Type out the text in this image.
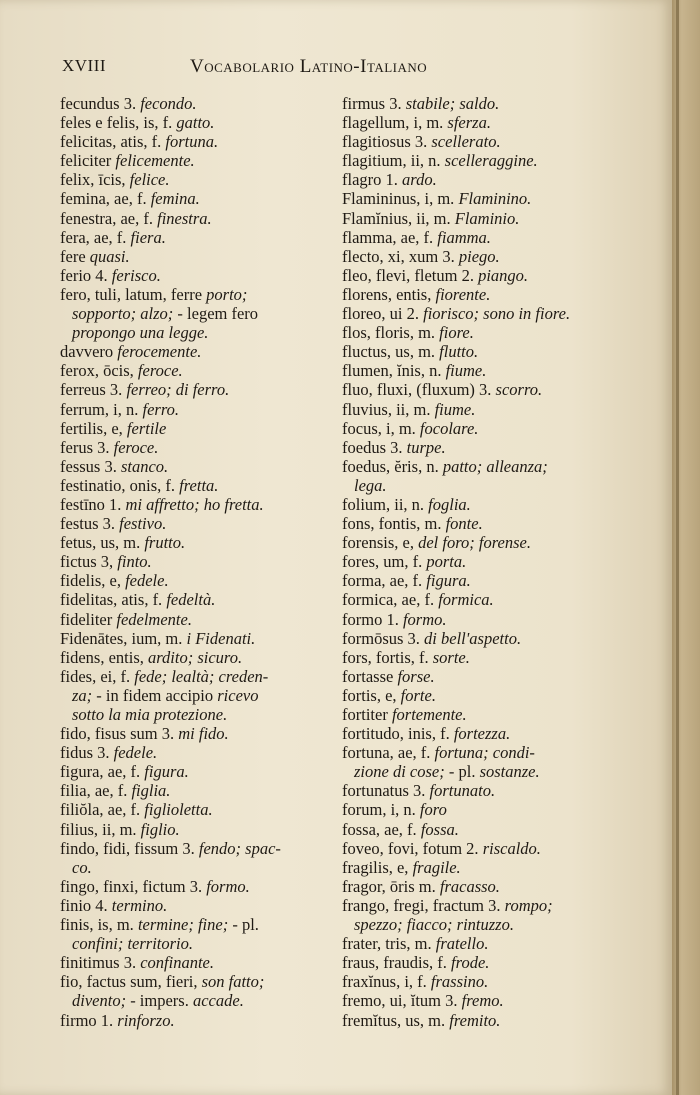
XVIII	Vocabolario Latino-Italiano
fecundus 3. fecondo.
feles e felis, is, f. gatto.
felicitas, atis, f. fortuna.
feliciter felicemente.
felix, īcis, felice.
femina, ae, f. femina.
fenestra, ae, f. finestra.
fera, ae, f. fiera.
fere quasi.
ferio 4. ferisco.
fero, tuli, latum, ferre porto;
sopporto; alzo; - legem fero
propongo una legge.
davvero ferocemente.
ferox, ōcis, feroce.
ferreus 3. ferreo; di ferro.
ferrum, i, n. ferro.
fertilis, e, fertile
ferus 3. feroce.
fessus 3. stanco.
festinatio, onis, f. fretta.
festīno 1. mi affretto; ho fretta.
festus 3. festivo.
fetus, us, m. frutto.
fictus 3, finto.
fidelis, e, fedele.
fidelitas, atis, f. fedeltà.
fideliter fedelmente.
Fidenātes, ium, m. i Fidenati.
fidens, entis, ardito; sicuro.
fides, ei, f. fede; lealtà; creden-
za; - in fidem accipio ricevo
sotto la mia protezione.
fido, fisus sum 3. mi fido.
fidus 3. fedele.
figura, ae, f. figura.
filia, ae, f. figlia.
filiŏla, ae, f. figlioletta.
filius, ii, m. figlio.
findo, fidi, fissum 3. fendo; spac-
co.
fingo, finxi, fictum 3. formo.
finio 4. termino.
finis, is, m. termine; fine; - pl.
confini; territorio.
finitimus 3. confinante.
fio, factus sum, fieri, son fatto;
divento; - impers. accade.
firmo 1. rinforzo.
firmus 3. stabile; saldo.
flagellum, i, m. sferza.
flagitiosus 3. scellerato.
flagitium, ii, n. scelleraggine.
flagro 1. ardo.
Flamininus, i, m. Flaminino.
Flamĭnius, ii, m. Flaminio.
flamma, ae, f. fiamma.
flecto, xi, xum 3. piego.
fleo, flevi, fletum 2. piango.
florens, entis, fiorente.
floreo, ui 2. fiorisco; sono in fiore.
flos, floris, m. fiore.
fluctus, us, m. flutto.
flumen, ĭnis, n. fiume.
fluo, fluxi, (fluxum) 3. scorro.
fluvius, ii, m. fiume.
focus, i, m. focolare.
foedus 3. turpe.
foedus, ĕris, n. patto; alleanza;
lega.
folium, ii, n. foglia.
fons, fontis, m. fonte.
forensis, e, del foro; forense.
fores, um, f. porta.
forma, ae, f. figura.
formica, ae, f. formica.
formo 1. formo.
formōsus 3. di bell'aspetto.
fors, fortis, f. sorte.
fortasse forse.
fortis, e, forte.
fortiter fortemente.
fortitudo, inis, f. fortezza.
fortuna, ae, f. fortuna; condi-
zione di cose; - pl. sostanze.
fortunatus 3. fortunato.
forum, i, n. foro
fossa, ae, f. fossa.
foveo, fovi, fotum 2. riscaldo.
fragilis, e, fragile.
fragor, ōris m. fracasso.
frango, fregi, fractum 3. rompo;
spezzo; fiacco; rintuzzo.
frater, tris, m. fratello.
fraus, fraudis, f. frode.
fraxĭnus, i, f. frassino.
fremo, ui, ĭtum 3. fremo.
fremĭtus, us, m. fremito.
